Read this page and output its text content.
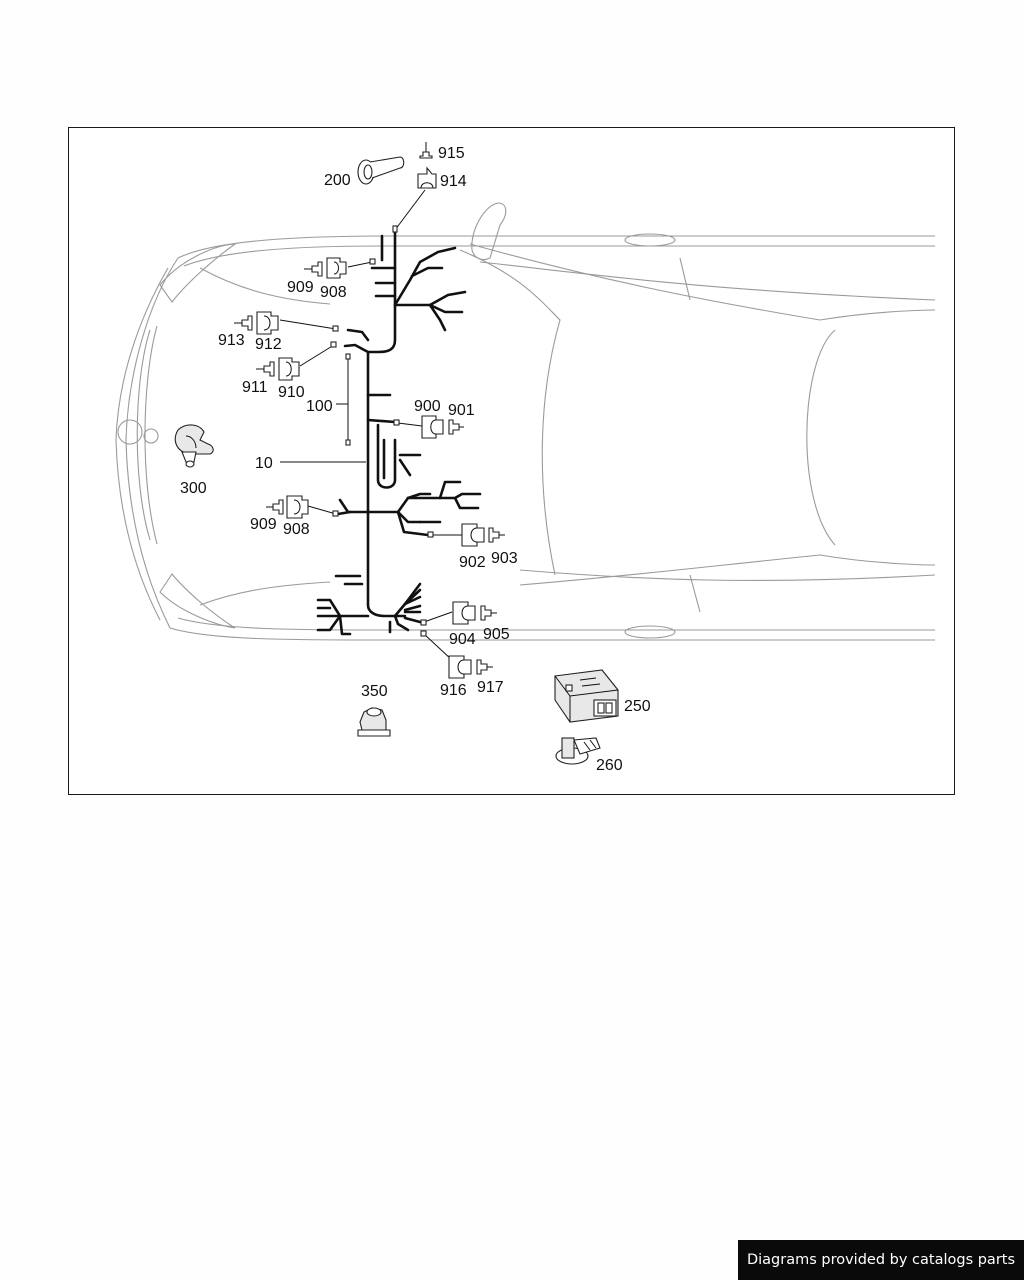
915
914
200
909 908
913 912
911 910
100	900 901
10
300
909 908
902 903
904 905
916 917
350
250
260
Diagrams provided by catalogs parts
